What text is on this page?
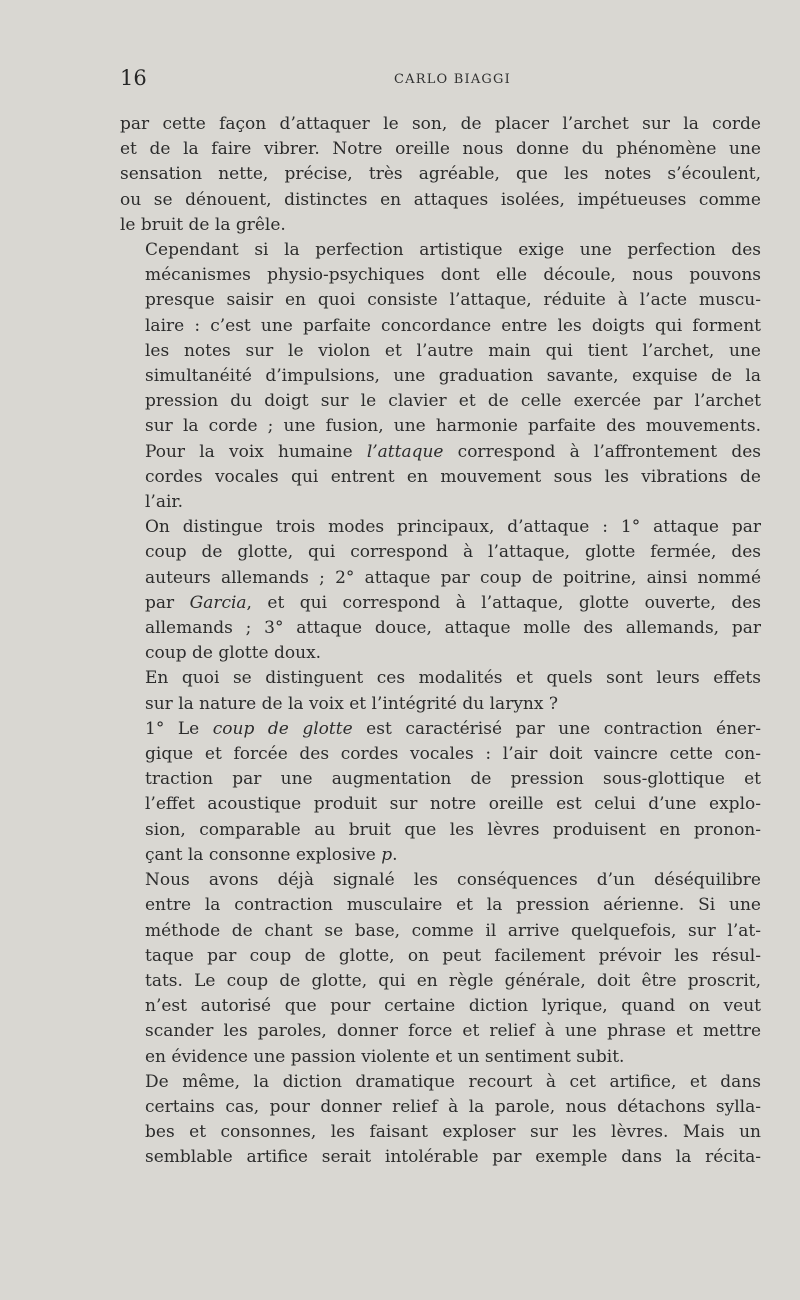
16	CARLO BIAGGI

par cette façon d’attaquer le son, de placer l’archet sur la corde
et de la faire vibrer. Notre oreille nous donne du phénomène une
sensation nette, précise, très agréable, que les notes s’écoulent,
ou se dénouent, distinctes en attaques isolées, impétueuses comme
le bruit de la grêle.

Cependant si la perfection artistique exige une perfection des
mécanismes physio-psychiques dont elle découle, nous pouvons
presque saisir en quoi consiste l’attaque, réduite à l’acte muscu-
laire : c’est une parfaite concordance entre les doigts qui forment
les notes sur le violon et l’autre main qui tient l’archet, une
simultanéité d’impulsions, une graduation savante, exquise de la
pression du doigt sur le clavier et de celle exercée par l’archet
sur la corde ; une fusion, une harmonie parfaite des mouvements.
Pour la voix humaine l’attaque correspond à l’affrontement des
cordes vocales qui entrent en mouvement sous les vibrations de
l’air.

On distingue trois modes principaux, d’attaque : 1° attaque par
coup de glotte, qui correspond à l’attaque, glotte fermée, des
auteurs allemands ; 2° attaque par coup de poitrine, ainsi nommé
par Garcia, et qui correspond à l’attaque, glotte ouverte, des
allemands ; 3° attaque douce, attaque molle des allemands, par
coup de glotte doux.

En quoi se distinguent ces modalités et quels sont leurs effets
sur la nature de la voix et l’intégrité du larynx ?

1° Le coup de glotte est caractérisé par une contraction éner-
gique et forcée des cordes vocales : l’air doit vaincre cette con-
traction par une augmentation de pression sous-glottique et
l’effet acoustique produit sur notre oreille est celui d’une explo-
sion, comparable au bruit que les lèvres produisent en pronon-
çant la consonne explosive p.

Nous avons déjà signalé les conséquences d’un déséquilibre
entre la contraction musculaire et la pression aérienne. Si une
méthode de chant se base, comme il arrive quelquefois, sur l’at-
taque par coup de glotte, on peut facilement prévoir les résul-
tats. Le coup de glotte, qui en règle générale, doit être proscrit,
n’est autorisé que pour certaine diction lyrique, quand on veut
scander les paroles, donner force et relief à une phrase et mettre
en évidence une passion violente et un sentiment subit.

De même, la diction dramatique recourt à cet artifice, et dans
certains cas, pour donner relief à la parole, nous détachons sylla-
bes et consonnes, les faisant exploser sur les lèvres. Mais un
semblable artifice serait intolérable par exemple dans la récita-
